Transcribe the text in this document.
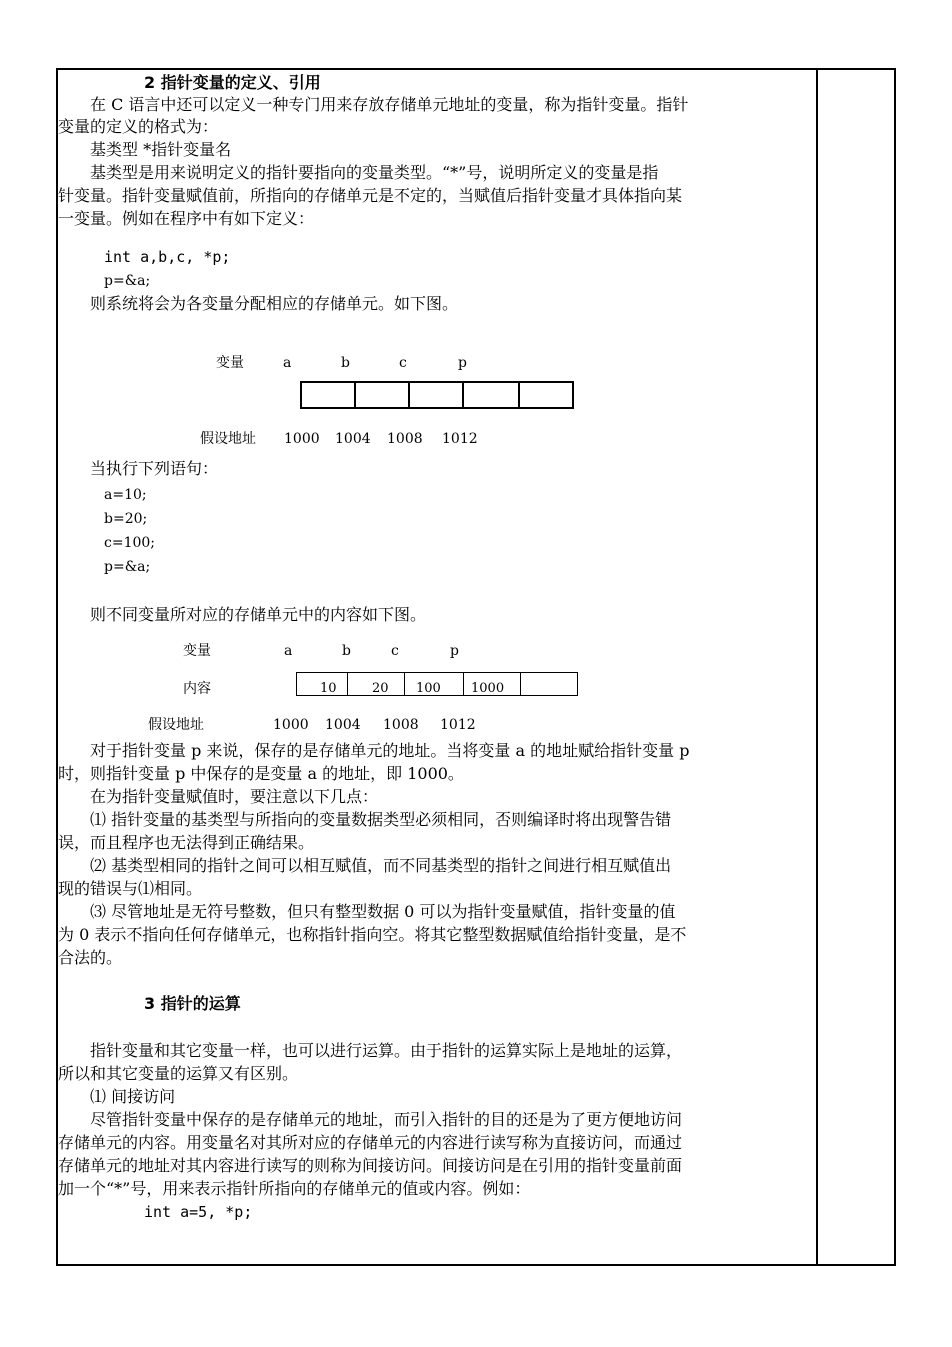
2 指针变量的定义、引用
在 C 语言中还可以定义一种专门用来存放存储单元地址的变量，称为指针变量。指针
变量的定义的格式为：
基类型 *指针变量名
基类型是用来说明定义的指针要指向的变量类型。“*”号，说明所定义的变量是指
针变量。指针变量赋值前，所指向的存储单元是不定的，当赋值后指针变量才具体指向某
一变量。例如在程序中有如下定义：
int a,b,c, *p;
p=&a;
则系统将会为各变量分配相应的存储单元。如下图。
变量	a	b	c	p
假设地址 1000 1004 1008 1012
当执行下列语句：
a=10;
b=20;
c=100;
p=&a;
则不同变量所对应的存储单元中的内容如下图。
变量	a	b	c	p
内容	10	20 100 1000
假设地址	1000 1004 1008 1012
对于指针变量 p 来说，保存的是存储单元的地址。当将变量 a 的地址赋给指针变量 p
时，则指针变量 p 中保存的是变量 a 的地址，即 1000。
在为指针变量赋值时，要注意以下几点：
⑴ 指针变量的基类型与所指向的变量数据类型必须相同，否则编译时将出现警告错
误，而且程序也无法得到正确结果。
⑵ 基类型相同的指针之间可以相互赋值，而不同基类型的指针之间进行相互赋值出
现的错误与⑴相同。
⑶ 尽管地址是无符号整数，但只有整型数据 0 可以为指针变量赋值，指针变量的值
为 0 表示不指向任何存储单元，也称指针指向空。将其它整型数据赋值给指针变量，是不
合法的。
3 指针的运算
指针变量和其它变量一样，也可以进行运算。由于指针的运算实际上是地址的运算，
所以和其它变量的运算又有区别。
⑴ 间接访问
尽管指针变量中保存的是存储单元的地址，而引入指针的目的还是为了更方便地访问
存储单元的内容。用变量名对其所对应的存储单元的内容进行读写称为直接访问，而通过
存储单元的地址对其内容进行读写的则称为间接访问。间接访问是在引用的指针变量前面
加一个“*”号，用来表示指针所指向的存储单元的值或内容。例如：
int a=5, *p;
